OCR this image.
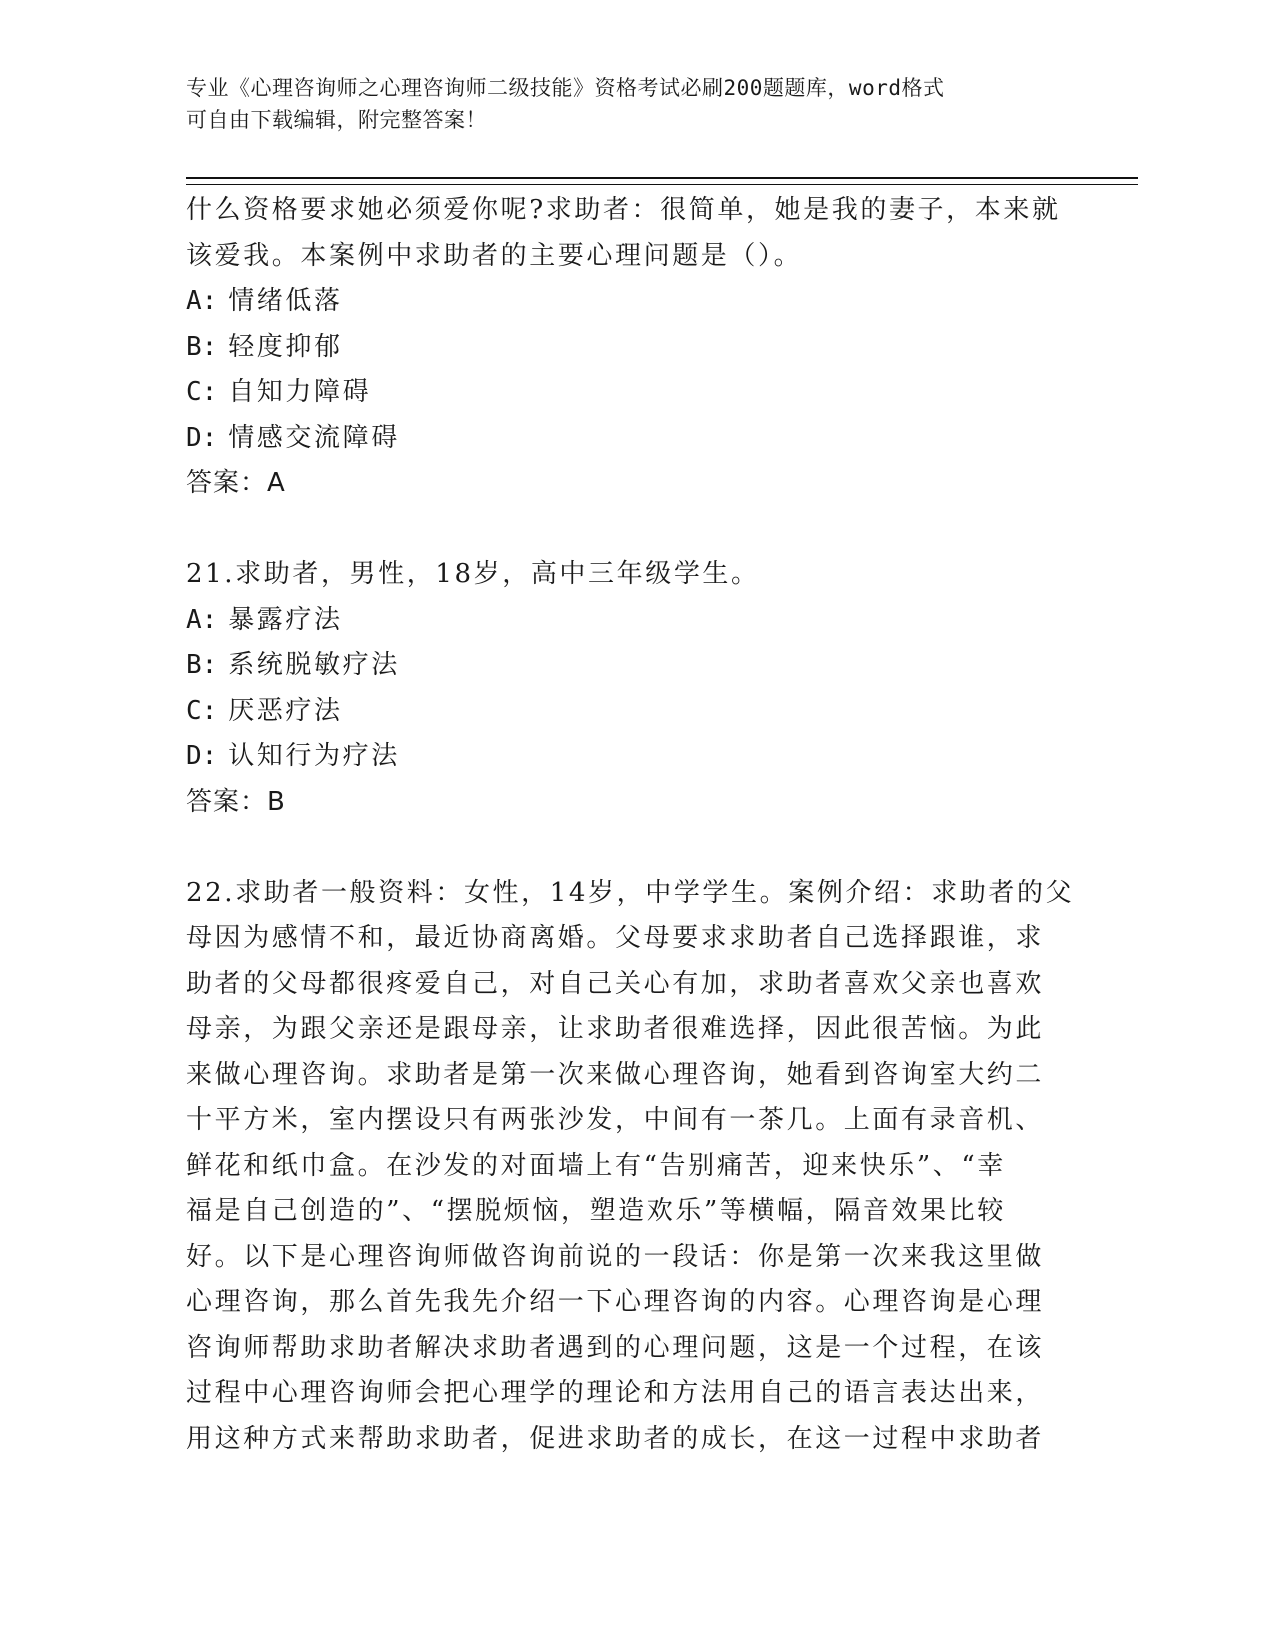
专业《心理咨询师之心理咨询师二级技能》资格考试必刷200题题库，word格式
可自由下载编辑，附完整答案！

什么资格要求她必须爱你呢?求助者：很简单，她是我的妻子，本来就

该爱我。本案例中求助者的主要心理问题是（）。

A: 情绪低落

B: 轻度抑郁

C: 自知力障碍

D: 情感交流障碍

答案：A

21.求助者，男性，18岁，高中三年级学生。

A: 暴露疗法

B: 系统脱敏疗法

C: 厌恶疗法

D: 认知行为疗法

答案：B

22.求助者一般资料：女性，14岁，中学学生。案例介绍：求助者的父

母因为感情不和，最近协商离婚。父母要求求助者自己选择跟谁，求

助者的父母都很疼爱自己，对自己关心有加，求助者喜欢父亲也喜欢

母亲，为跟父亲还是跟母亲，让求助者很难选择，因此很苦恼。为此

来做心理咨询。求助者是第一次来做心理咨询，她看到咨询室大约二

十平方米，室内摆设只有两张沙发，中间有一茶几。上面有录音机、

鲜花和纸巾盒。在沙发的对面墙上有“告别痛苦，迎来快乐”、“幸

福是自己创造的”、“摆脱烦恼，塑造欢乐”等横幅，隔音效果比较

好。以下是心理咨询师做咨询前说的一段话：你是第一次来我这里做

心理咨询，那么首先我先介绍一下心理咨询的内容。心理咨询是心理

咨询师帮助求助者解决求助者遇到的心理问题，这是一个过程，在该

过程中心理咨询师会把心理学的理论和方法用自己的语言表达出来，

用这种方式来帮助求助者，促进求助者的成长，在这一过程中求助者
